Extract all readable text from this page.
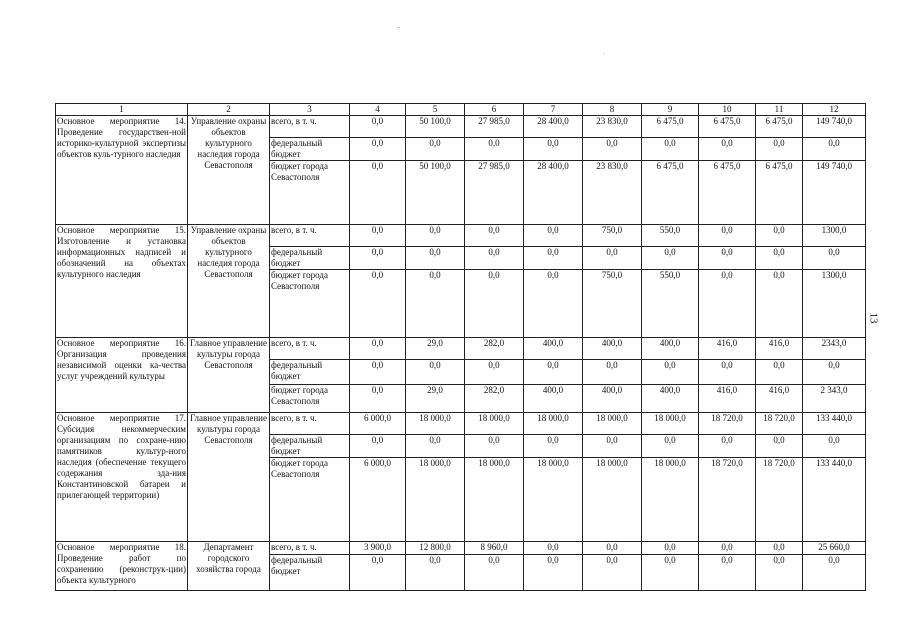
13
1	2	3	4	5	6	7	8	9	10	11	12
Основное мероприятие 14. Проведение государствен-ной историко-культурной экспертизы объектов куль-турного наследия	Управление охраны объектов культурного наследия города Севастополя	всего, в т. ч.	0,0	50 100,0	27 985,0	28 400,0	23 830,0	6 475,0	6 475,0	6 475,0	149 740,0
		федеральный бюджет	0,0	0,0	0,0	0,0	0,0	0,0	0,0	0,0	0,0
		бюджет города Севастополя	0,0	50 100,0	27 985,0	28 400,0	23 830,0	6 475,0	6 475,0	6 475,0	149 740,0
Основное мероприятие 15. Изготовление и установка информационных надписей и обозначений на объектах культурного наследия	Управление охраны объектов культурного наследия города Севастополя	всего, в т. ч.	0,0	0,0	0,0	0,0	750,0	550,0	0,0	0,0	1300,0
		федеральный бюджет	0,0	0,0	0,0	0,0	0,0	0,0	0,0	0,0	0,0
		бюджет города Севастополя	0,0	0,0	0,0	0,0	750,0	550,0	0,0	0,0	1300,0
Основное мероприятие 16. Организация проведения независимой оценки ка-чества услуг учреждений культуры	Главное управление культуры города Севастополя	всего, в т. ч.	0,0	29,0	282,0	400,0	400,0	400,0	416,0	416,0	2343,0
		федеральный бюджет	0,0	0,0	0,0	0,0	0,0	0,0	0,0	0,0	0,0
		бюджет города Севастополя	0,0	29,0	282,0	400,0	400,0	400,0	416,0	416,0	2 343,0
Основное мероприятие 17. Субсидия некоммерческим организациям по сохране-нию памятников культур-ного наследия (обеспечение текущего содержания зда-ния Константиновской батареи и прилегающей территории)	Главное управление культуры города Севастополя	всего, в т. ч.	6 000,0	18 000,0	18 000,0	18 000,0	18 000,0	18 000,0	18 720,0	18 720,0	133 440,0
		федеральный бюджет	0,0	0,0	0,0	0,0	0,0	0,0	0,0	0,0	0,0
		бюджет города Севастополя	6 000,0	18 000,0	18 000,0	18 000,0	18 000,0	18 000,0	18 720,0	18 720,0	133 440,0
Основное мероприятие 18. Проведение работ по сохранению (реконструк-ции) объекта культурного	Департамент городского хозяйства города	всего, в т. ч.	3 900,0	12 800,0	8 960,0	0,0	0,0	0,0	0,0	0,0	25 660,0
		федеральный бюджет	0,0	0,0	0,0	0,0	0,0	0,0	0,0	0,0	0,0
